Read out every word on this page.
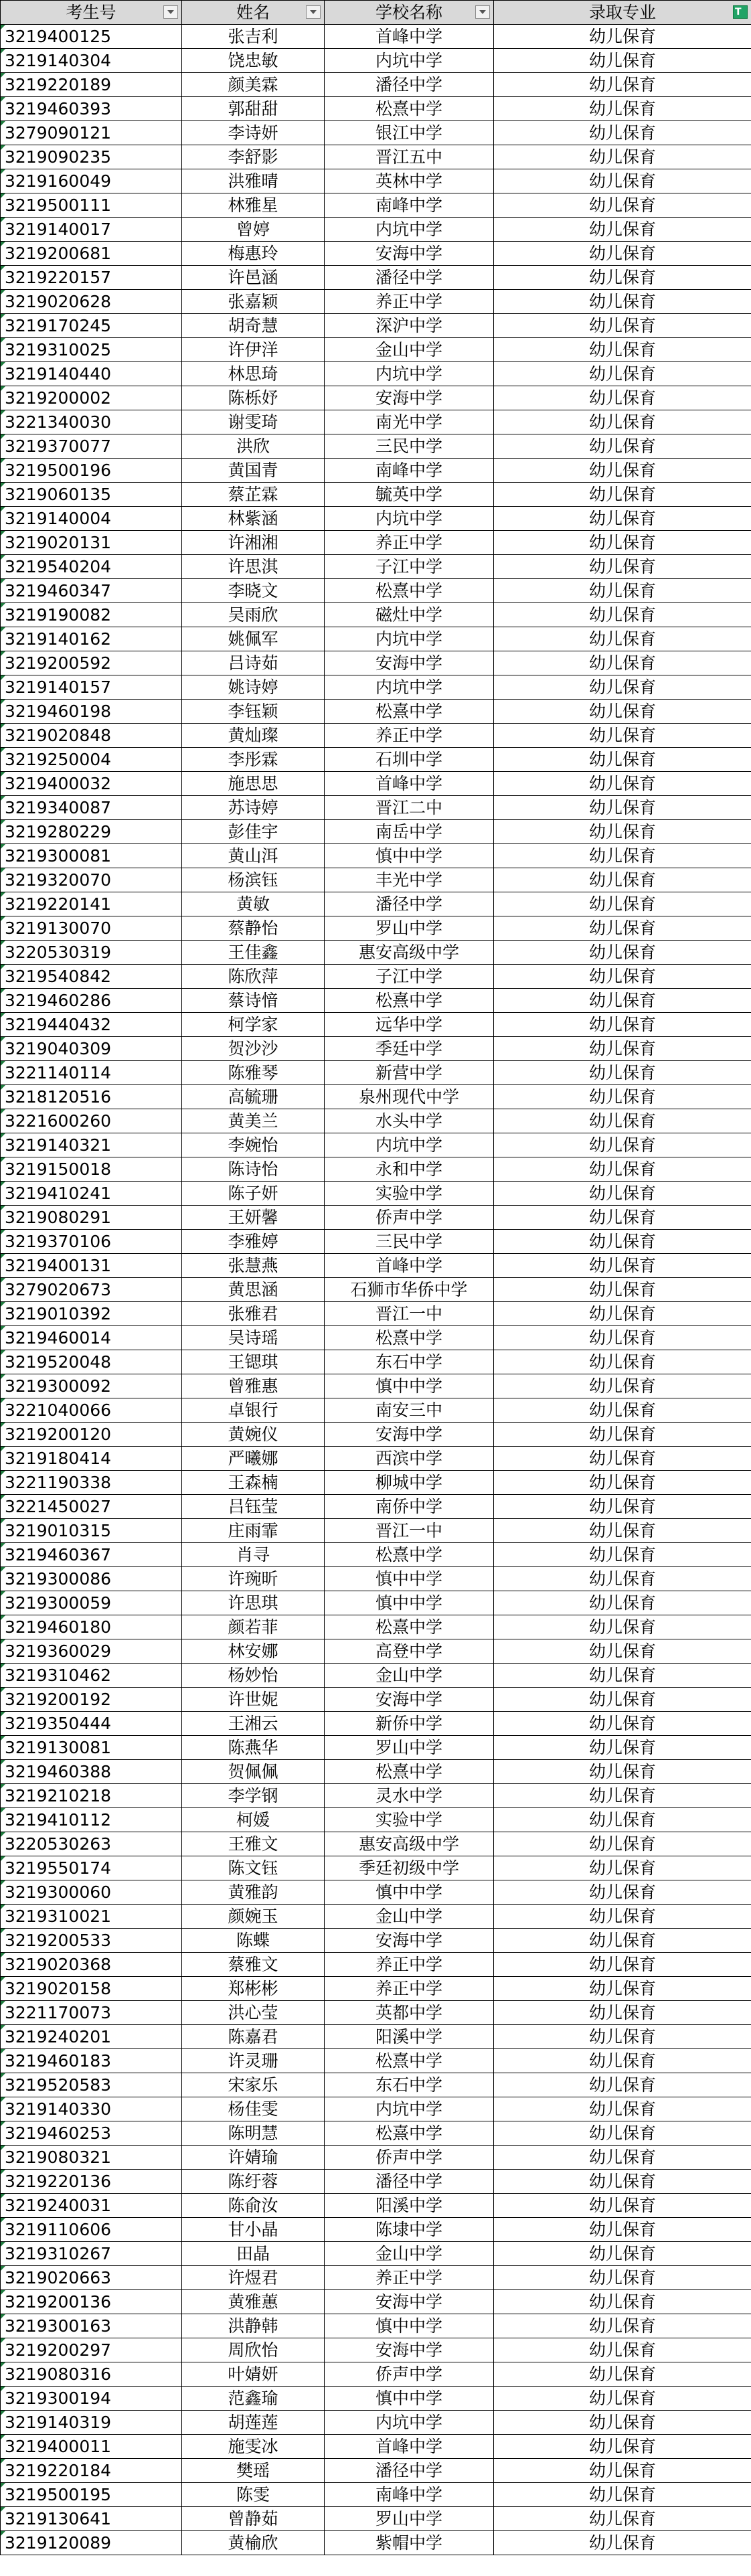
考生号	姓名	学校名称	录取专业 T

3219400125	张吉利	首峰中学	幼儿保育

3219140304	饶忠敏	内坑中学	幼儿保育

3219220189	颜美霖	潘径中学	幼儿保育

3219460393	郭甜甜	松熹中学	幼儿保育

3279090121	李诗妍	银江中学	幼儿保育

3219090235	李舒影	晋江五中	幼儿保育

3219160049	洪雅晴	英林中学	幼儿保育

3219500111	林雅星	南峰中学	幼儿保育

3219140017	曾婷	内坑中学	幼儿保育

3219200681	梅惠玲	安海中学	幼儿保育

3219220157	许邑涵	潘径中学	幼儿保育

3219020628	张嘉颖	养正中学	幼儿保育

3219170245	胡奇慧	深沪中学	幼儿保育

3219310025	许伊洋	金山中学	幼儿保育

3219140440	林思琦	内坑中学	幼儿保育

3219200002	陈栎妤	安海中学	幼儿保育

3221340030	谢雯琦	南光中学	幼儿保育

3219370077	洪欣	三民中学	幼儿保育

3219500196	黄国青	南峰中学	幼儿保育

3219060135	蔡芷霖	毓英中学	幼儿保育

3219140004	林紫涵	内坑中学	幼儿保育

3219020131	许湘湘	养正中学	幼儿保育

3219540204	许思淇	子江中学	幼儿保育

3219460347	李晓文	松熹中学	幼儿保育

3219190082	吴雨欣	磁灶中学	幼儿保育

3219140162	姚佩军	内坑中学	幼儿保育

3219200592	吕诗茹	安海中学	幼儿保育

3219140157	姚诗婷	内坑中学	幼儿保育

3219460198	李钰颖	松熹中学	幼儿保育

3219020848	黄灿璨	养正中学	幼儿保育

3219250004	李彤霖	石圳中学	幼儿保育

3219400032	施思思	首峰中学	幼儿保育

3219340087	苏诗婷	晋江二中	幼儿保育

3219280229	彭佳宇	南岳中学	幼儿保育

3219300081	黄山洱	慎中中学	幼儿保育

3219320070	杨滨钰	丰光中学	幼儿保育

3219220141	黄敏	潘径中学	幼儿保育

3219130070	蔡静怡	罗山中学	幼儿保育

3220530319	王佳鑫	惠安高级中学	幼儿保育

3219540842	陈欣萍	子江中学	幼儿保育

3219460286	蔡诗愔	松熹中学	幼儿保育

3219440432	柯学家	远华中学	幼儿保育

3219040309	贺沙沙	季廷中学	幼儿保育

3221140114	陈雅琴	新营中学	幼儿保育

3218120516	高毓珊	泉州现代中学	幼儿保育

3221600260	黄美兰	水头中学	幼儿保育

3219140321	李婉怡	内坑中学	幼儿保育

3219150018	陈诗怡	永和中学	幼儿保育

3219410241	陈子妍	实验中学	幼儿保育

3219080291	王妍馨	侨声中学	幼儿保育

3219370106	李雅婷	三民中学	幼儿保育

3219400131	张慧燕	首峰中学	幼儿保育

3279020673	黄思涵	石狮市华侨中学	幼儿保育

3219010392	张雅君	晋江一中	幼儿保育

3219460014	吴诗瑶	松熹中学	幼儿保育

3219520048	王锶琪	东石中学	幼儿保育

3219300092	曾雅惠	慎中中学	幼儿保育

3221040066	卓银行	南安三中	幼儿保育

3219200120	黄婉仪	安海中学	幼儿保育

3219180414	严曦娜	西滨中学	幼儿保育

3221190338	王森楠	柳城中学	幼儿保育

3221450027	吕钰莹	南侨中学	幼儿保育

3219010315	庄雨霏	晋江一中	幼儿保育

3219460367	肖寻	松熹中学	幼儿保育

3219300086	许琬昕	慎中中学	幼儿保育

3219300059	许思琪	慎中中学	幼儿保育

3219460180	颜若菲	松熹中学	幼儿保育

3219360029	林安娜	高登中学	幼儿保育

3219310462	杨妙怡	金山中学	幼儿保育

3219200192	许世妮	安海中学	幼儿保育

3219350444	王湘云	新侨中学	幼儿保育

3219130081	陈燕华	罗山中学	幼儿保育

3219460388	贺佩佩	松熹中学	幼儿保育

3219210218	李学钢	灵水中学	幼儿保育

3219410112	柯媛	实验中学	幼儿保育

3220530263	王雅文	惠安高级中学	幼儿保育

3219550174	陈文钰	季廷初级中学	幼儿保育

3219300060	黄雅韵	慎中中学	幼儿保育

3219310021	颜婉玉	金山中学	幼儿保育

3219200533	陈蝶	安海中学	幼儿保育

3219020368	蔡雅文	养正中学	幼儿保育

3219020158	郑彬彬	养正中学	幼儿保育

3221170073	洪心莹	英都中学	幼儿保育

3219240201	陈嘉君	阳溪中学	幼儿保育

3219460183	许灵珊	松熹中学	幼儿保育

3219520583	宋家乐	东石中学	幼儿保育

3219140330	杨佳雯	内坑中学	幼儿保育

3219460253	陈明慧	松熹中学	幼儿保育

3219080321	许婧瑜	侨声中学	幼儿保育

3219220136	陈纡蓉	潘径中学	幼儿保育

3219240031	陈俞汝	阳溪中学	幼儿保育

3219110606	甘小晶	陈埭中学	幼儿保育

3219310267	田晶	金山中学	幼儿保育

3219020663	许煜君	养正中学	幼儿保育

3219200136	黄雅蕙	安海中学	幼儿保育

3219300163	洪静韩	慎中中学	幼儿保育

3219200297	周欣怡	安海中学	幼儿保育

3219080316	叶婧妍	侨声中学	幼儿保育

3219300194	范鑫瑜	慎中中学	幼儿保育

3219140319	胡莲莲	内坑中学	幼儿保育

3219400011	施雯冰	首峰中学	幼儿保育

3219220184	樊瑶	潘径中学	幼儿保育

3219500195	陈雯	南峰中学	幼儿保育

3219130641	曾静茹	罗山中学	幼儿保育

3219120089	黄榆欣	紫帽中学	幼儿保育
